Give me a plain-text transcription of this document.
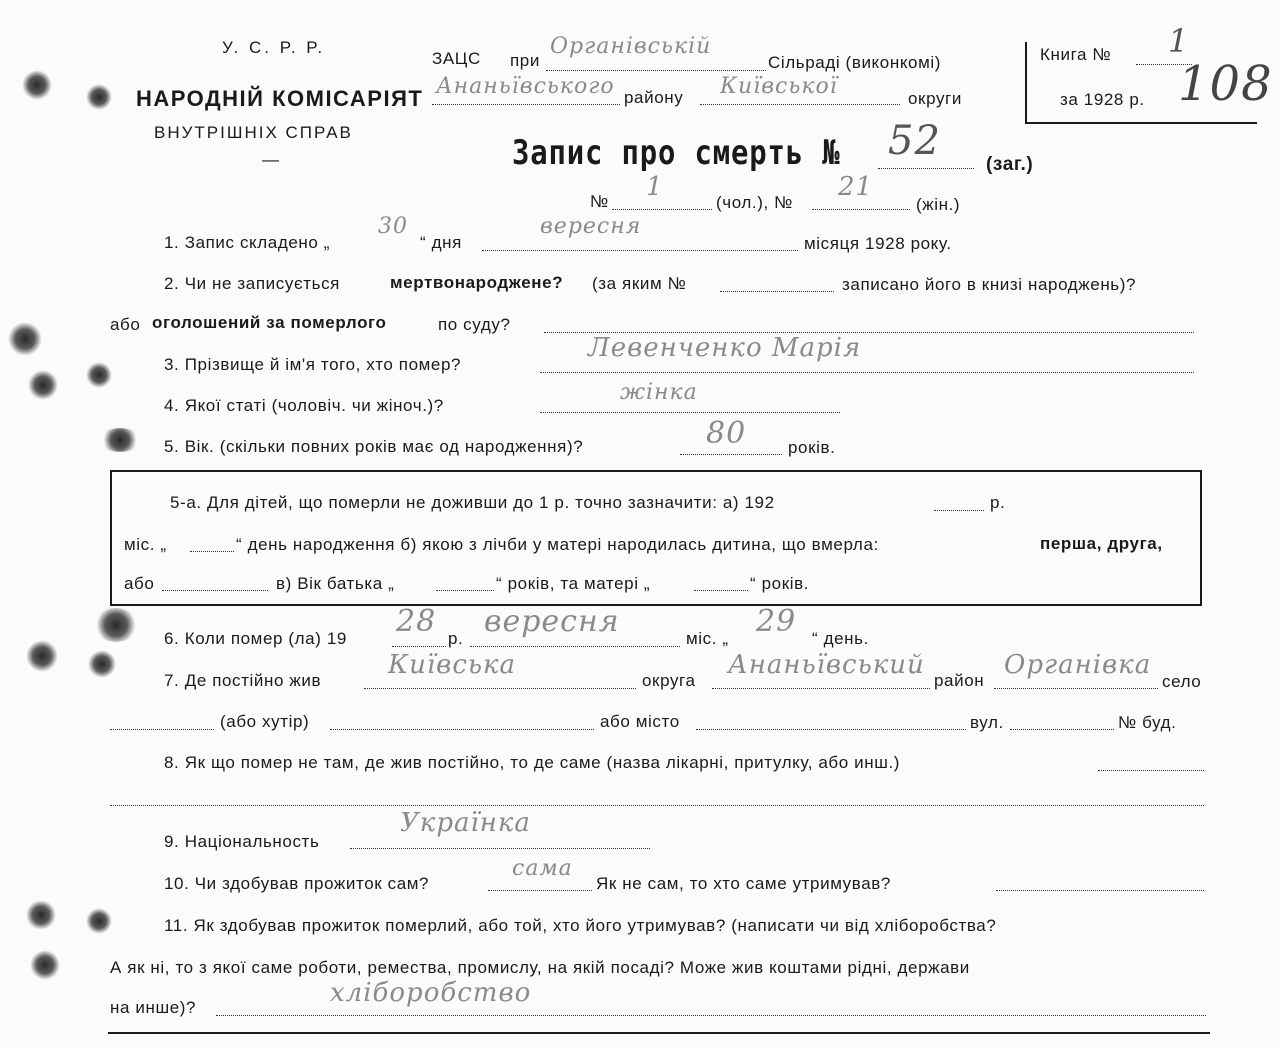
У. С. Р. Р.
НАРОДНІЙ КОМІСАРІЯТ
ВНУТРІШНІХ СПРАВ
—
ЗАЦС при
Органівській
Сільраді (виконкомі)
Ананьївського району Київської	округи
Книга № 1
за 1928 р. 108
Запис про смерть № 52
(заг.)
№ 1
(чол.), №
21
(жін.)
1. Запис складено „
30
“ дня
вересня
місяця 1928 року.
2. Чи не записується	мертвонароджене? (за яким №	записано його в книзі народжень)?
або оголошений за померлого	по суду?
3. Прізвище й ім'я того, хто помер?
Левенченко Марія
4. Якої статі (чоловіч. чи жіноч.)?
жінка
5. Вік. (скільки повних років має од народження)?	80 років.
5-а. Для дітей, що померли не доживши до 1 р. точно зазначити: а) 192	р.
міс. „	“ день народження б) якою з лічби у матері народилась дитина, що вмерла:	перша, друга,
або	в) Вік батька „	“ років, та матері „	“ років.
6. Коли помер (ла) 19 28 р. вересня	міс. „ 29 “ день.
7. Де постійно жив
Київська
округа
Ананьївський
район
Органівка
село
(або хутір)	або місто	вул.	№ буд.
8. Як що помер не там, де жив постійно, то де саме (назва лікарні, притулку, або инш.)
9. Національность
Українка
10. Чи здобував прожиток сам?
сама
Як не сам, то хто саме утримував?
11. Як здобував прожиток померлий, або той, хто його утримував? (написати чи від хліборобства?
А як ні, то з якої саме роботи, ремества, промислу, на якій посаді? Може жив коштами рідні, держави
на инше)?	хліборобство
